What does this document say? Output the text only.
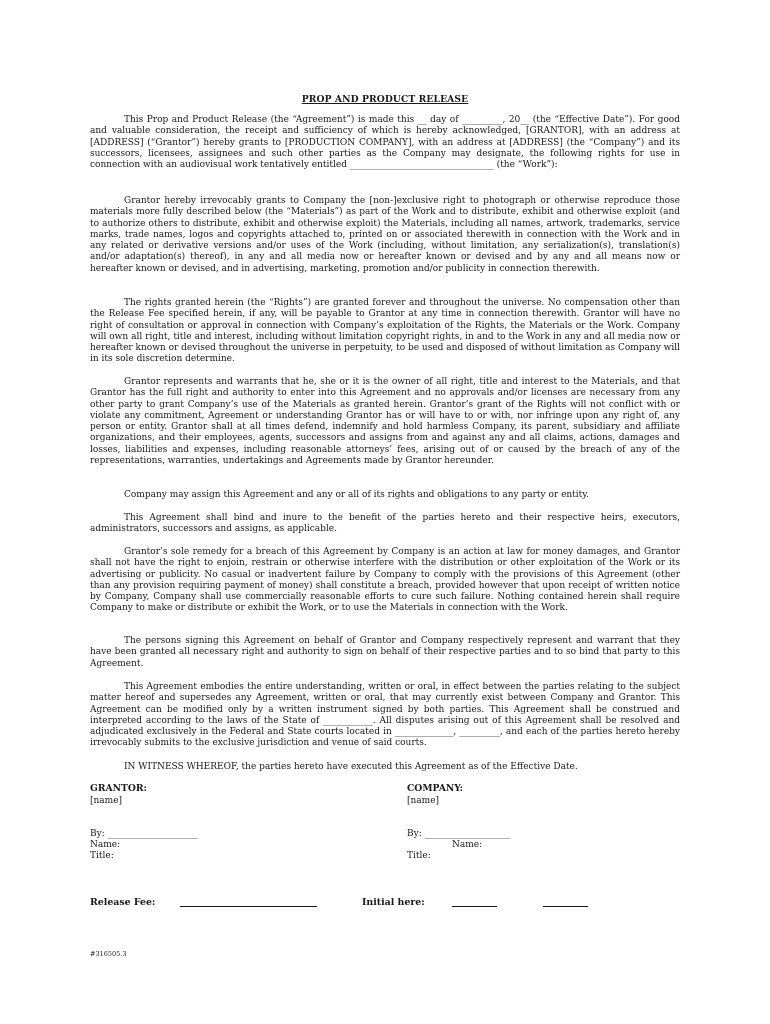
PROP AND PRODUCT RELEASE

This Prop and Product Release (the “Agreement”) is made this __ day of _________, 20__ (the “Effective Date”). For good and valuable consideration, the receipt and sufficiency of which is hereby acknowledged, [GRANTOR], with an address at [ADDRESS] (“Grantor”) hereby grants to [PRODUCTION COMPANY], with an address at [ADDRESS] (the “Company”) and its successors, licensees, assignees and such other parties as the Company may designate, the following rights for use in connection with an audiovisual work tentatively entitled ________________________________ (the “Work”):

Grantor hereby irrevocably grants to Company the [non-]exclusive right to photograph or otherwise reproduce those materials more fully described below (the “Materials”) as part of the Work and to distribute, exhibit and otherwise exploit (and to authorize others to distribute, exhibit and otherwise exploit) the Materials, including all names, artwork, trademarks, service marks, trade names, logos and copyrights attached to, printed on or associated therewith in connection with the Work and in any related or derivative versions and/or uses of the Work (including, without limitation, any serialization(s), translation(s) and/or adaptation(s) thereof), in any and all media now or hereafter known or devised and by any and all means now or hereafter known or devised, and in advertising, marketing, promotion and/or publicity in connection therewith.

The rights granted herein (the “Rights”) are granted forever and throughout the universe. No compensation other than the Release Fee specified herein, if any, will be payable to Grantor at any time in connection therewith. Grantor will have no right of consultation or approval in connection with Company’s exploitation of the Rights, the Materials or the Work. Company will own all right, title and interest, including without limitation copyright rights, in and to the Work in any and all media now or hereafter known or devised throughout the universe in perpetuity, to be used and disposed of without limitation as Company will in its sole discretion determine.

Grantor represents and warrants that he, she or it is the owner of all right, title and interest to the Materials, and that Grantor has the full right and authority to enter into this Agreement and no approvals and/or licenses are necessary from any other party to grant Company’s use of the Materials as granted herein. Grantor’s grant of the Rights will not conflict with or violate any commitment, Agreement or understanding Grantor has or will have to or with, nor infringe upon any right of, any person or entity. Grantor shall at all times defend, indemnify and hold harmless Company, its parent, subsidiary and affiliate organizations, and their employees, agents, successors and assigns from and against any and all claims, actions, damages and losses, liabilities and expenses, including reasonable attorneys’ fees, arising out of or caused by the breach of any of the representations, warranties, undertakings and Agreements made by Grantor hereunder.

Company may assign this Agreement and any or all of its rights and obligations to any party or entity.

This Agreement shall bind and inure to the benefit of the parties hereto and their respective heirs, executors, administrators, successors and assigns, as applicable.

Grantor’s sole remedy for a breach of this Agreement by Company is an action at law for money damages, and Grantor shall not have the right to enjoin, restrain or otherwise interfere with the distribution or other exploitation of the Work or its advertising or publicity. No casual or inadvertent failure by Company to comply with the provisions of this Agreement (other than any provision requiring payment of money) shall constitute a breach, provided however that upon receipt of written notice by Company, Company shall use commercially reasonable efforts to cure such failure. Nothing contained herein shall require Company to make or distribute or exhibit the Work, or to use the Materials in connection with the Work.

The persons signing this Agreement on behalf of Grantor and Company respectively represent and warrant that they have been granted all necessary right and authority to sign on behalf of their respective parties and to so bind that party to this Agreement.

This Agreement embodies the entire understanding, written or oral, in effect between the parties relating to the subject matter hereof and supersedes any Agreement, written or oral, that may currently exist between Company and Grantor. This Agreement can be modified only by a written instrument signed by both parties. This Agreement shall be construed and interpreted according to the laws of the State of ___________. All disputes arising out of this Agreement shall be resolved and adjudicated exclusively in the Federal and State courts located in _____________, _________, and each of the parties hereto hereby irrevocably submits to the exclusive jurisdiction and venue of said courts.

IN WITNESS WHEREOF, the parties hereto have executed this Agreement as of the Effective Date.

GRANTOR:
[name]
By: ____________________
Name:
Title:
COMPANY:
[name]
By: ___________________
Name:
Title:
Release Fee:	Initial here:
#316505.3
